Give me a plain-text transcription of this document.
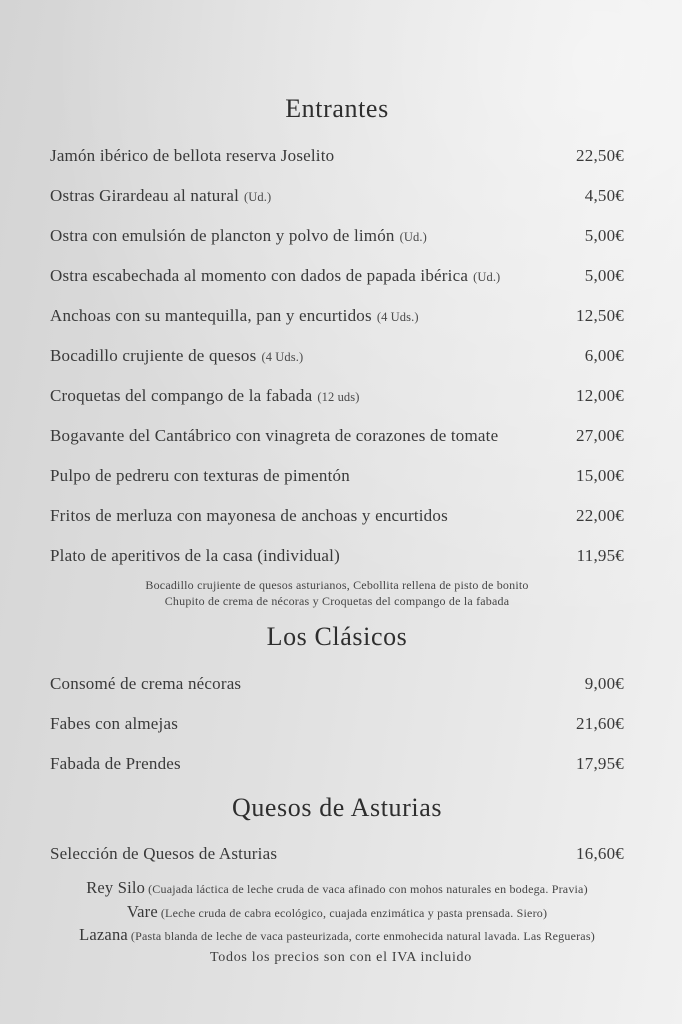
Entrantes
Jamón ibérico de bellota reserva Joselito	22,50€
Ostras Girardeau al natural (Ud.)	4,50€
Ostra con emulsión de plancton y polvo de limón (Ud.)	5,00€
Ostra escabechada al momento con dados de papada ibérica (Ud.)	5,00€
Anchoas con su mantequilla, pan y encurtidos (4 Uds.)	12,50€
Bocadillo crujiente de quesos (4 Uds.)	6,00€
Croquetas del compango de la fabada (12 uds)	12,00€
Bogavante del Cantábrico con vinagreta de corazones de tomate	27,00€
Pulpo de pedreru con texturas de pimentón	15,00€
Fritos de merluza con mayonesa de anchoas y encurtidos	22,00€
Plato de aperitivos de la casa (individual)	11,95€
Bocadillo crujiente de quesos asturianos, Cebollita rellena de pisto de bonito
Chupito de crema de nécoras y Croquetas del compango de la fabada
Los Clásicos
Consomé de crema nécoras	9,00€
Fabes con almejas	21,60€
Fabada de Prendes	17,95€
Quesos de Asturias
Selección de Quesos de Asturias	16,60€
Rey Silo (Cuajada láctica de leche cruda de vaca afinado con mohos naturales en bodega. Pravia)
Vare (Leche cruda de cabra ecológico, cuajada enzimática y pasta prensada. Siero)
Lazana (Pasta blanda de leche de vaca pasteurizada, corte enmohecida natural lavada. Las Regueras)
Todos los precios son con el IVA incluido
